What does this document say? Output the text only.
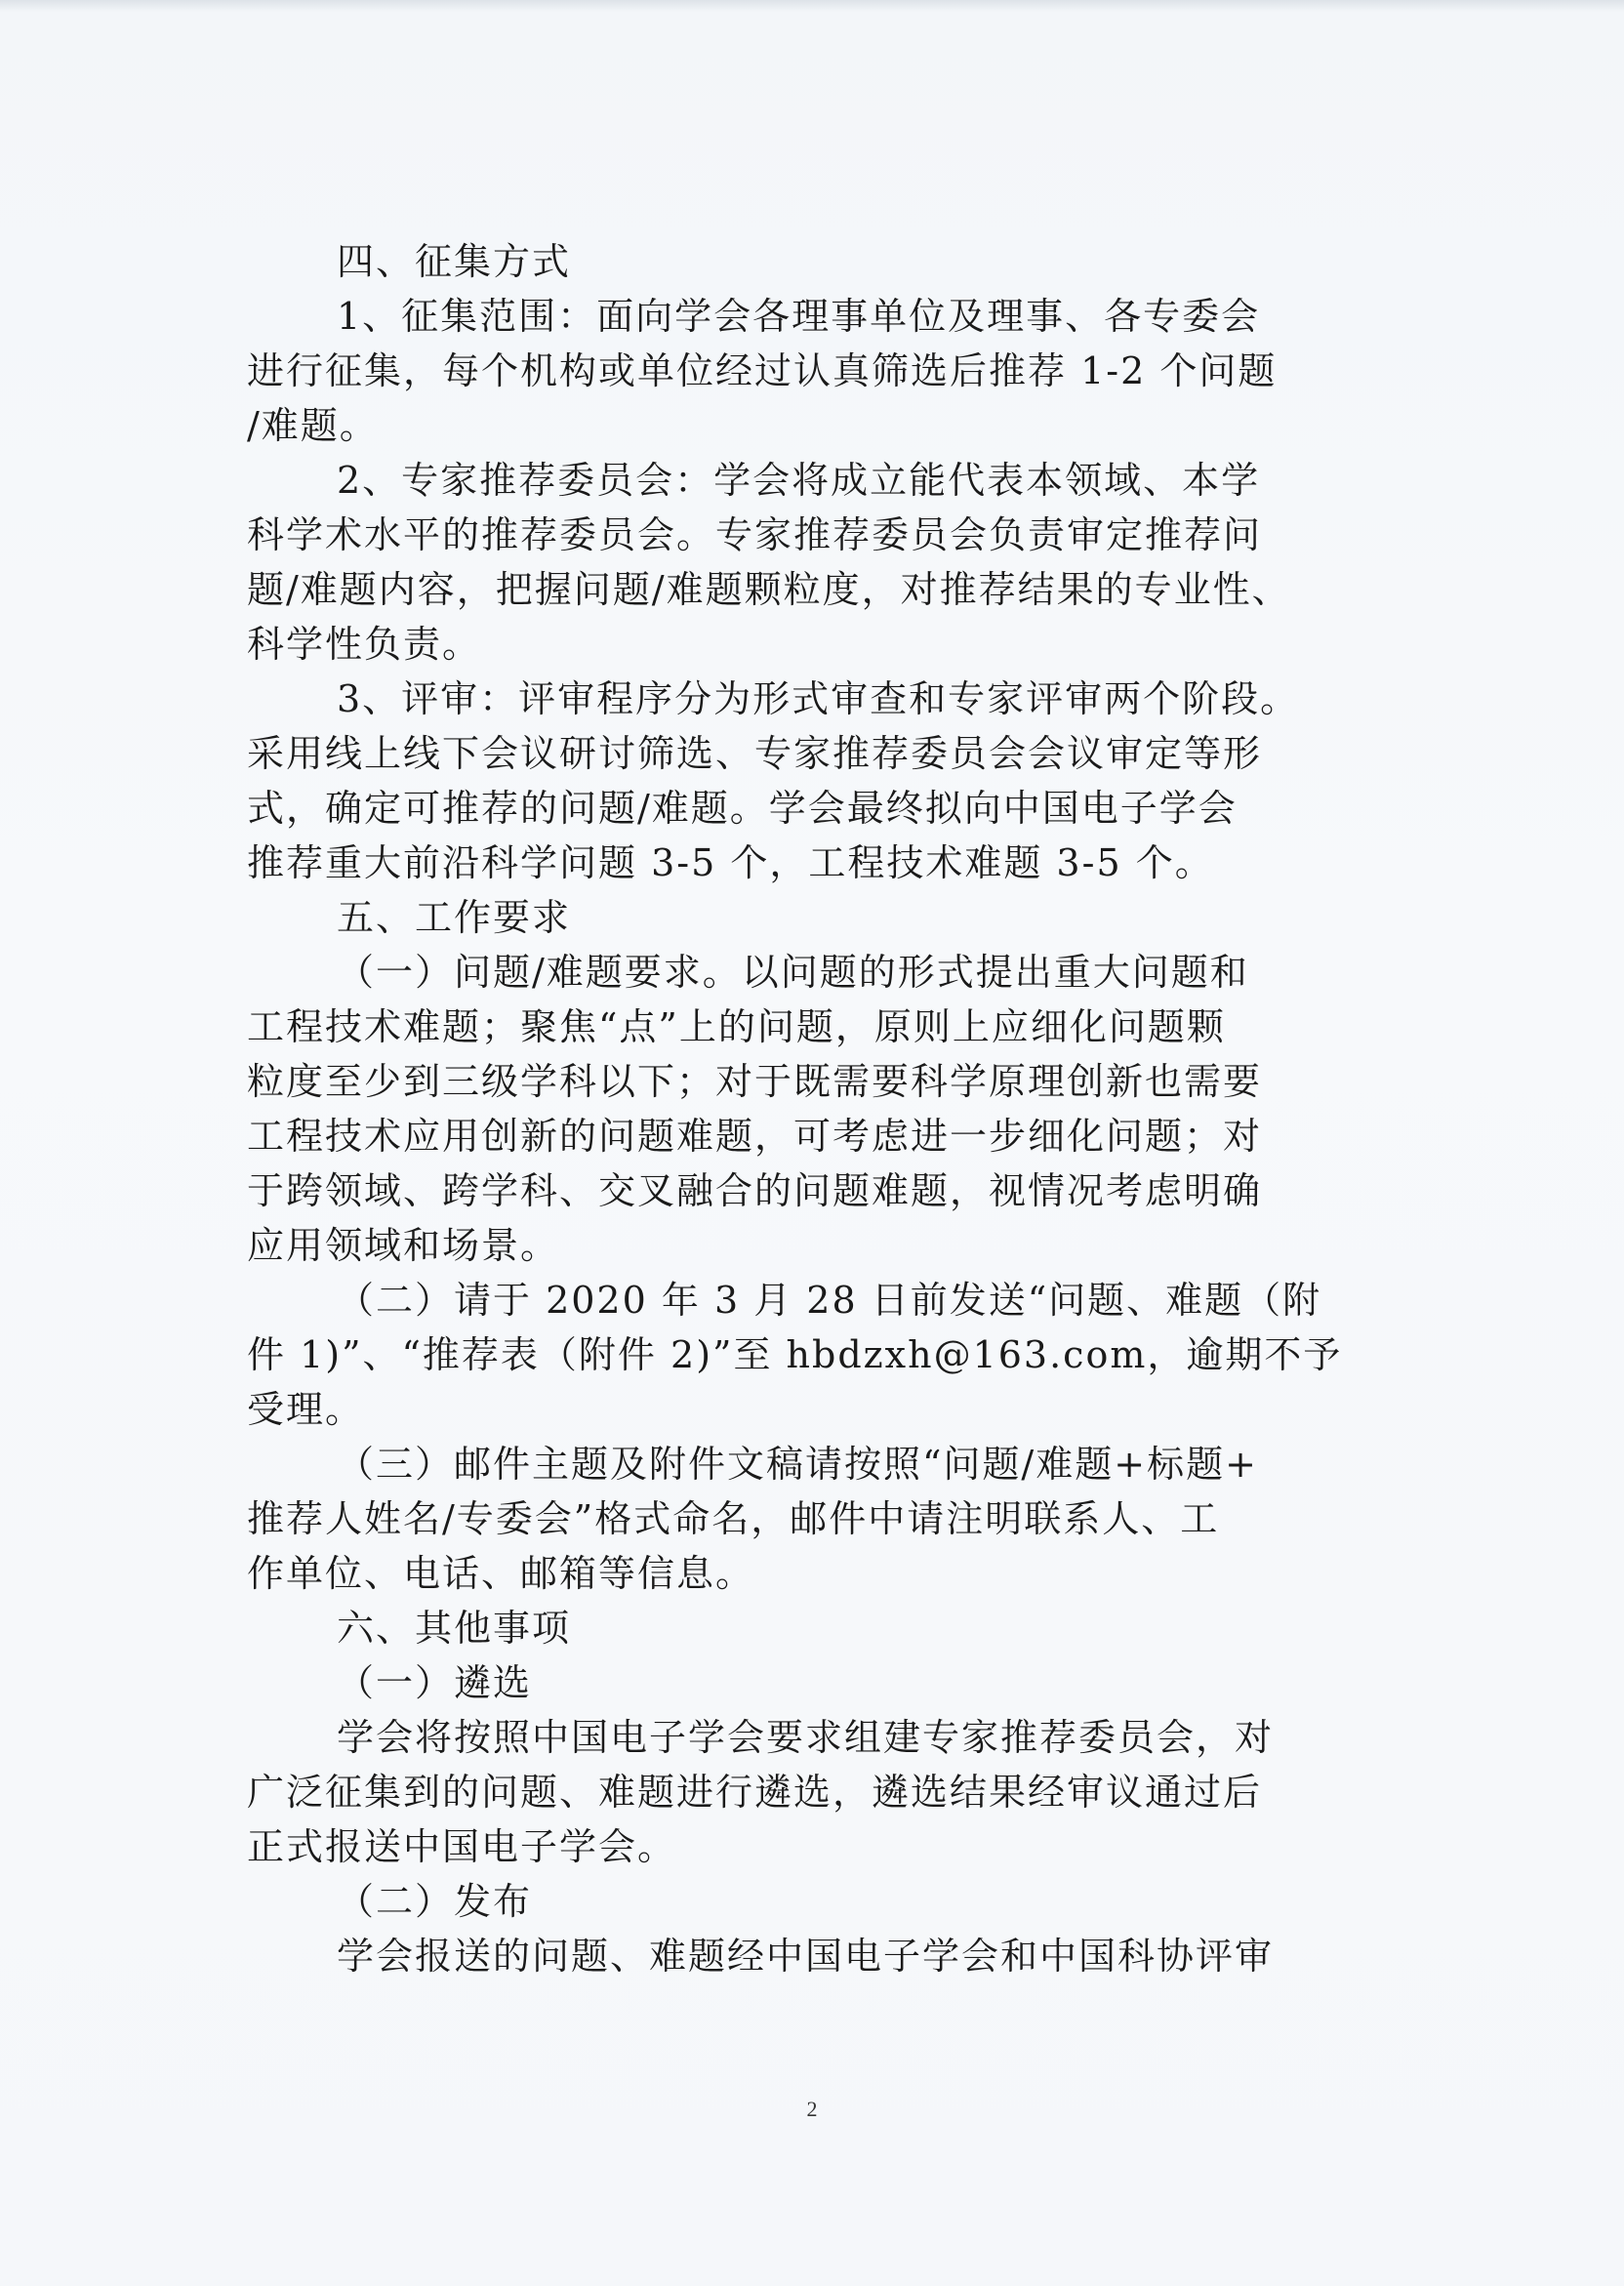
四、征集方式
1、征集范围：面向学会各理事单位及理事、各专委会
进行征集，每个机构或单位经过认真筛选后推荐 1-2 个问题
/难题。
2、专家推荐委员会：学会将成立能代表本领域、本学
科学术水平的推荐委员会。专家推荐委员会负责审定推荐问
题/难题内容，把握问题/难题颗粒度，对推荐结果的专业性、
科学性负责。
3、评审：评审程序分为形式审查和专家评审两个阶段。
采用线上线下会议研讨筛选、专家推荐委员会会议审定等形
式，确定可推荐的问题/难题。学会最终拟向中国电子学会
推荐重大前沿科学问题 3-5 个，工程技术难题 3-5 个。
五、工作要求
（一）问题/难题要求。以问题的形式提出重大问题和
工程技术难题；聚焦“点”上的问题，原则上应细化问题颗
粒度至少到三级学科以下；对于既需要科学原理创新也需要
工程技术应用创新的问题难题，可考虑进一步细化问题；对
于跨领域、跨学科、交叉融合的问题难题，视情况考虑明确
应用领域和场景。
（二）请于 2020 年 3 月 28 日前发送“问题、难题（附
件 1)”、“推荐表（附件 2)”至 hbdzxh@163.com，逾期不予
受理。
（三）邮件主题及附件文稿请按照“问题/难题+标题+
推荐人姓名/专委会”格式命名，邮件中请注明联系人、工
作单位、电话、邮箱等信息。
六、其他事项
（一）遴选
学会将按照中国电子学会要求组建专家推荐委员会，对
广泛征集到的问题、难题进行遴选，遴选结果经审议通过后
正式报送中国电子学会。
（二）发布
学会报送的问题、难题经中国电子学会和中国科协评审
2
